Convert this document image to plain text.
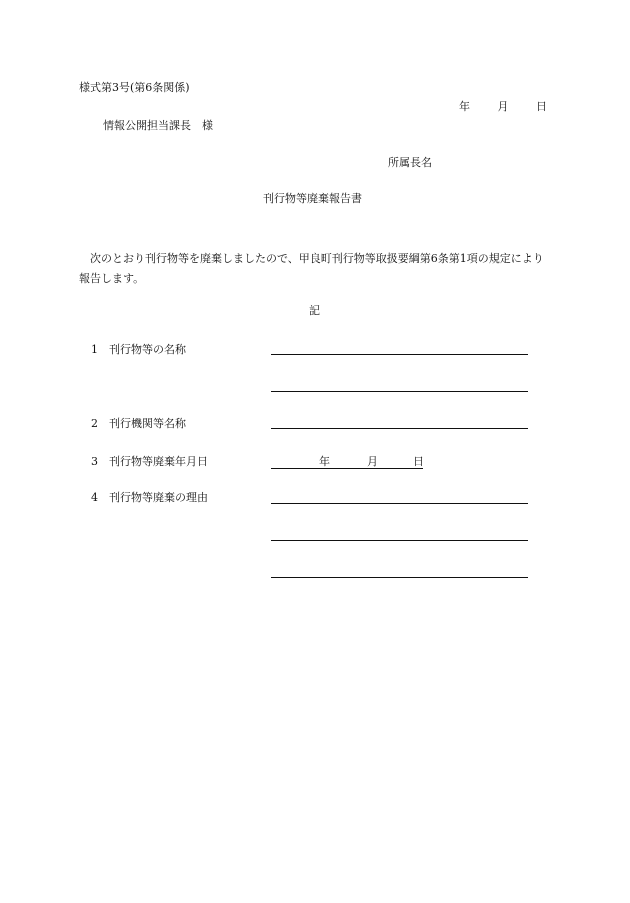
様式第3号(第6条関係)
年	月	日
情報公開担当課長　様
所属長名
刊行物等廃棄報告書
次のとおり刊行物等を廃棄しましたので、甲良町刊行物等取扱要綱第6条第1項の規定により報告します。
記
1 刊行物等の名称
2 刊行機関等名称
3 刊行物等廃棄年月日
	年	月	日
4 刊行物等廃棄の理由
